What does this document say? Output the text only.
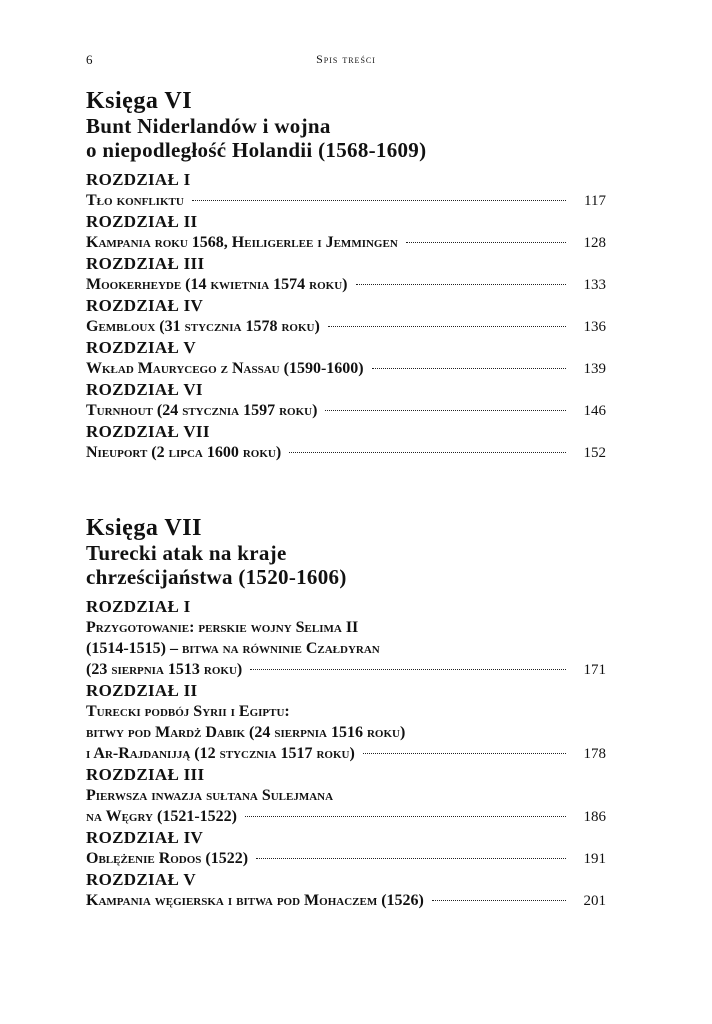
6	Spis treści
Księga VI
Bunt Niderlandów i wojna
o niepodległość Holandii (1568-1609)
ROZDZIAŁ I
Tło konfliktu	117
ROZDZIAŁ II
Kampania roku 1568, Heiligerlee i Jemmingen	128
ROZDZIAŁ III
Mookerheyde (14 kwietnia 1574 roku)	133
ROZDZIAŁ IV
Gembloux (31 stycznia 1578 roku)	136
ROZDZIAŁ V
Wkład Maurycego z Nassau (1590-1600)	139
ROZDZIAŁ VI
Turnhout (24 stycznia 1597 roku)	146
ROZDZIAŁ VII
Nieuport (2 lipca 1600 roku)	152
Księga VII
Turecki atak na kraje
chrześcijaństwa (1520-1606)
ROZDZIAŁ I
Przygotowanie: perskie wojny Selima II
(1514-1515) – bitwa na równinie Czałdyran
(23 sierpnia 1513 roku)	171
ROZDZIAŁ II
Turecki podbój Syrii i Egiptu:
bitwy pod Mardż Dabik (24 sierpnia 1516 roku)
i Ar-Rajdanijją (12 stycznia 1517 roku)	178
ROZDZIAŁ III
Pierwsza inwazja sułtana Sulejmana
na Węgry (1521-1522)	186
ROZDZIAŁ IV
Oblężenie Rodos (1522)	191
ROZDZIAŁ V
Kampania węgierska i bitwa pod Mohaczem (1526)	201
